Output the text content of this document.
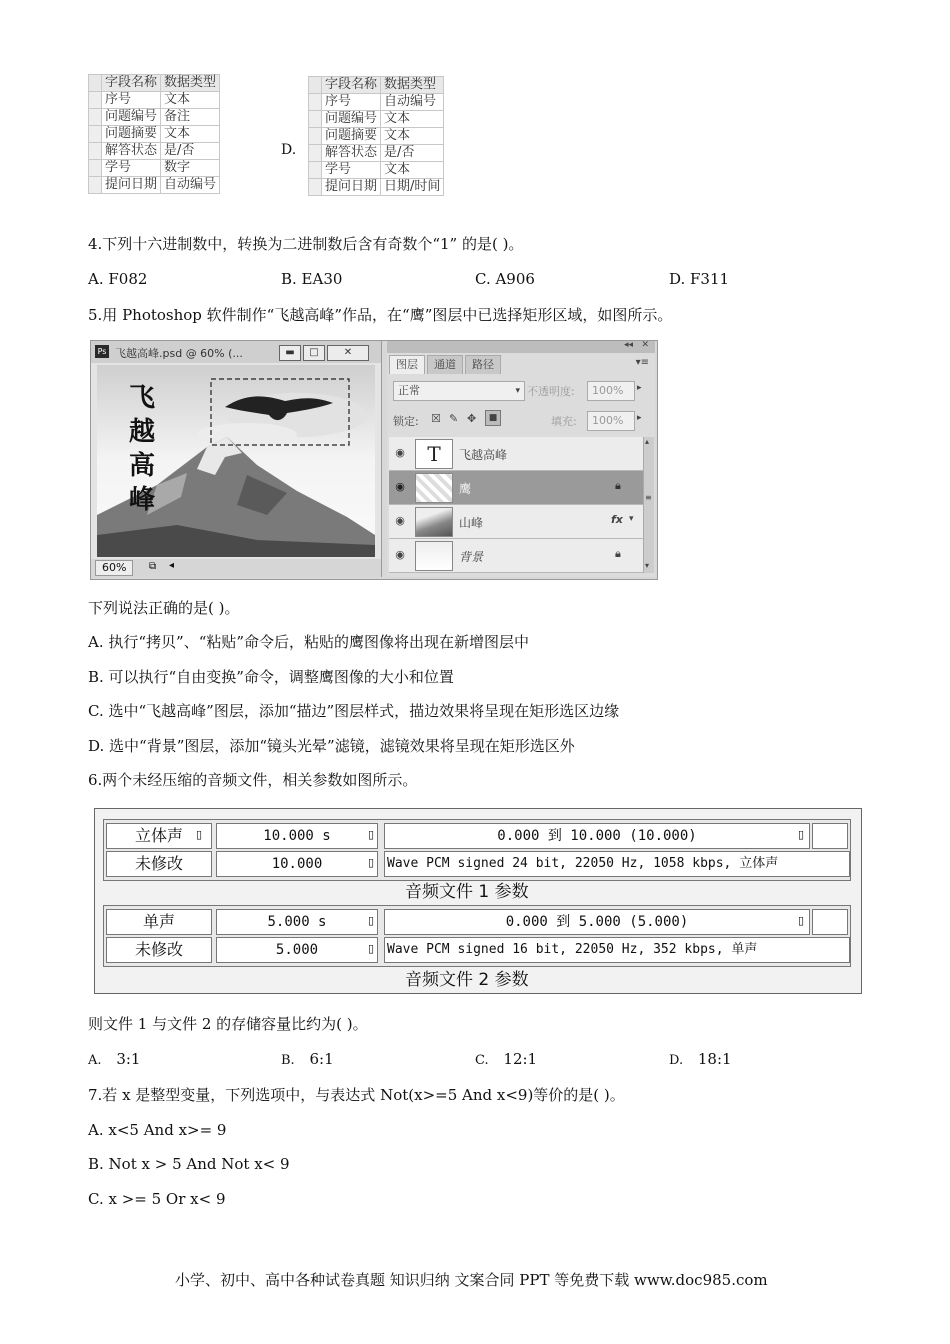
	字段名称	数据类型
	序号	文本
	问题编号	备注
	问题摘要	文本
	解答状态	是/否
	学号	数字
	提问日期	自动编号
D.
	字段名称	数据类型
	序号	自动编号
	问题编号	文本
	问题摘要	文本
	解答状态	是/否
	学号	文本
	提问日期	日期/时间
4.下列十六进制数中，转换为二进制数后含有奇数个“1” 的是( )。
A. F082	B. EA30	C. A906	D. F311
5.用 Photoshop 软件制作“飞越高峰”作品，在“鹰”图层中已选择矩形区域，如图所示。
Ps 飞越高峰.psd @ 60% (...	▬	□	✕
飞
越
高
峰
60%	⧉ ◂
◂◂ ✕
图层	通道	路径	▾≡
正常	▾ 不透明度:	100%	▸
锁定: ☒ ✎ ✥	■	填充:	100%	▸
◉	T	飞越高峰
◉	鹰	🔒︎
◉	山峰	fx ▾
◉	背景	🔒︎
▴
≡
▾
下列说法正确的是( )。
A. 执行“拷贝”、“粘贴”命令后，粘贴的鹰图像将出现在新增图层中
B. 可以执行“自由变换”命令，调整鹰图像的大小和位置
C. 选中“飞越高峰”图层，添加“描边”图层样式，描边效果将呈现在矩形选区边缘
D. 选中“背景”图层，添加“镜头光晕”滤镜，滤镜效果将呈现在矩形选区外
6.两个未经压缩的音频文件，相关参数如图所示。
立体声	▯	10.000 s	▯	0.000 到 10.000 (10.000)	▯
未修改	10.000	▯ Wave PCM signed 24 bit, 22050 Hz, 1058 kbps, 立体声
音频文件 1 参数
单声	5.000 s	▯	0.000 到 5.000 (5.000)	▯
未修改	5.000	▯ Wave PCM signed 16 bit, 22050 Hz, 352 kbps, 单声
音频文件 2 参数
则文件 1 与文件 2 的存储容量比约为( )。
A. 3:1	B. 6:1	C. 12:1	D. 18:1
7.若 x 是整型变量，下列选项中，与表达式 Not(x>=5 And x<9)等价的是( )。
A. x<5 And x>= 9
B. Not x > 5 And Not x< 9
C. x >= 5 Or x< 9
小学、初中、高中各种试卷真题 知识归纳 文案合同 PPT 等免费下载 www.doc985.com
